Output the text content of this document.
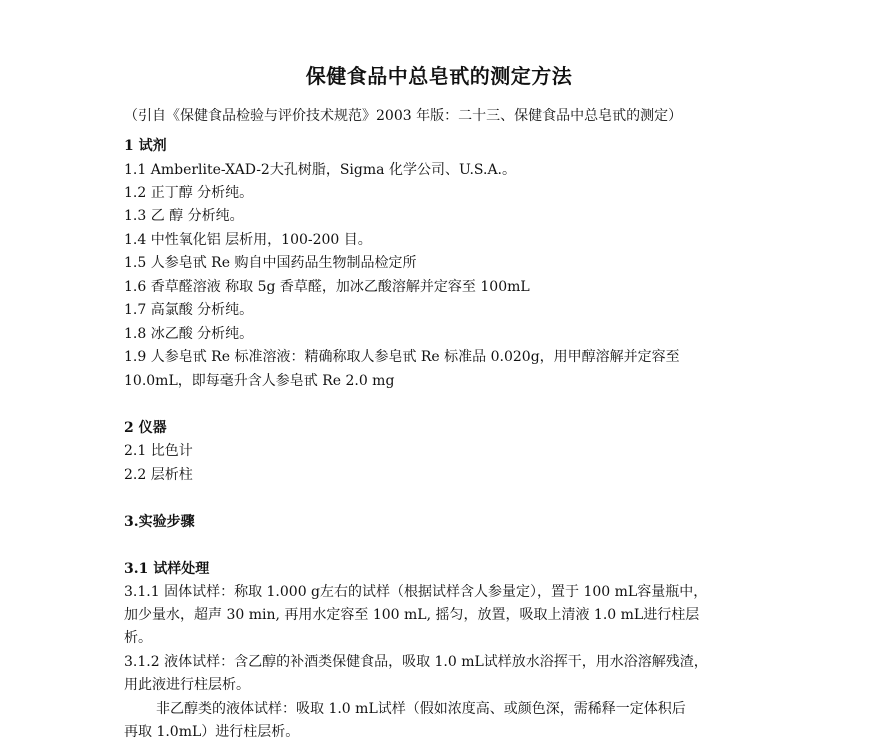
保健食品中总皂甙的测定方法
（引自《保健食品检验与评价技术规范》2003 年版：二十三、保健食品中总皂甙的测定）
1 试剂
1.1 Amberlite-XAD-2大孔树脂，Sigma 化学公司、U.S.A.。
1.2 正丁醇 分析纯。
1.3 乙 醇 分析纯。
1.4 中性氧化铝 层析用，100-200 目。
1.5 人参皂甙 Re 购自中国药品生物制品检定所
1.6 香草醛溶液 称取 5g 香草醛，加冰乙酸溶解并定容至 100mL
1.7 高氯酸 分析纯。
1.8 冰乙酸 分析纯。
1.9 人参皂甙 Re 标准溶液：精确称取人参皂甙 Re 标准品 0.020g，用甲醇溶解并定容至
10.0mL，即每毫升含人参皂甙 Re 2.0 mg
2 仪器
2.1 比色计
2.2 层析柱
3.实验步骤
3.1 试样处理
3.1.1 固体试样：称取 1.000 g左右的试样（根据试样含人参量定），置于 100 mL容量瓶中，
加少量水，超声 30 min, 再用水定容至 100 mL, 摇匀，放置，吸取上清液 1.0 mL进行柱层
析。
3.1.2 液体试样：含乙醇的补酒类保健食品，吸取 1.0 mL试样放水浴挥干，用水浴溶解残渣，
用此液进行柱层析。
非乙醇类的液体试样：吸取 1.0 mL试样（假如浓度高、或颜色深，需稀释一定体积后
再取 1.0mL）进行柱层析。
